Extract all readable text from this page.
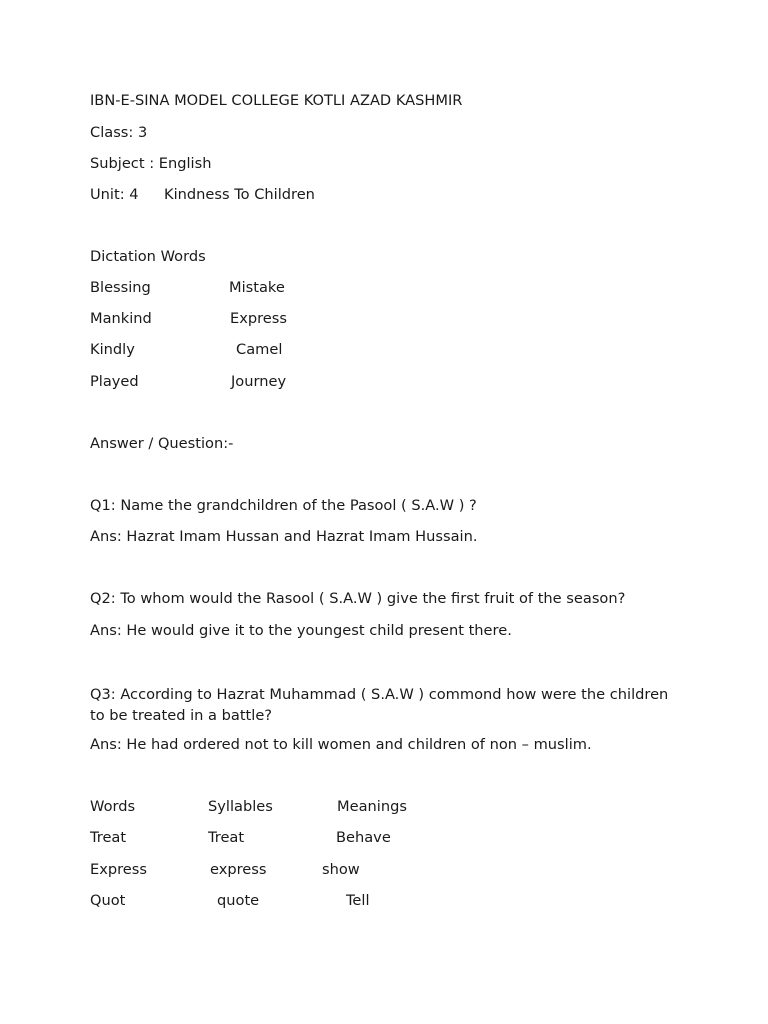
IBN-E-SINA MODEL COLLEGE KOTLI AZAD KASHMIR
Class: 3
Subject : English
Unit: 4 Kindness To Children
Dictation Words
Blessing	Mistake
Mankind	Express
Kindly	Camel
Played	Journey
Answer / Question:-
Q1: Name the grandchildren of the Pasool ( S.A.W ) ?
Ans: Hazrat Imam Hussan and Hazrat Imam Hussain.
Q2: To whom would the Rasool ( S.A.W ) give the first fruit of the season?
Ans: He would give it to the youngest child present there.
Q3: According to Hazrat Muhammad ( S.A.W ) commond how were the children to be treated in a battle?
Ans: He had ordered not to kill women and children of non – muslim.
Words	Syllables	Meanings
Treat	Treat	Behave
Express	express	show
Quot	quote	Tell
